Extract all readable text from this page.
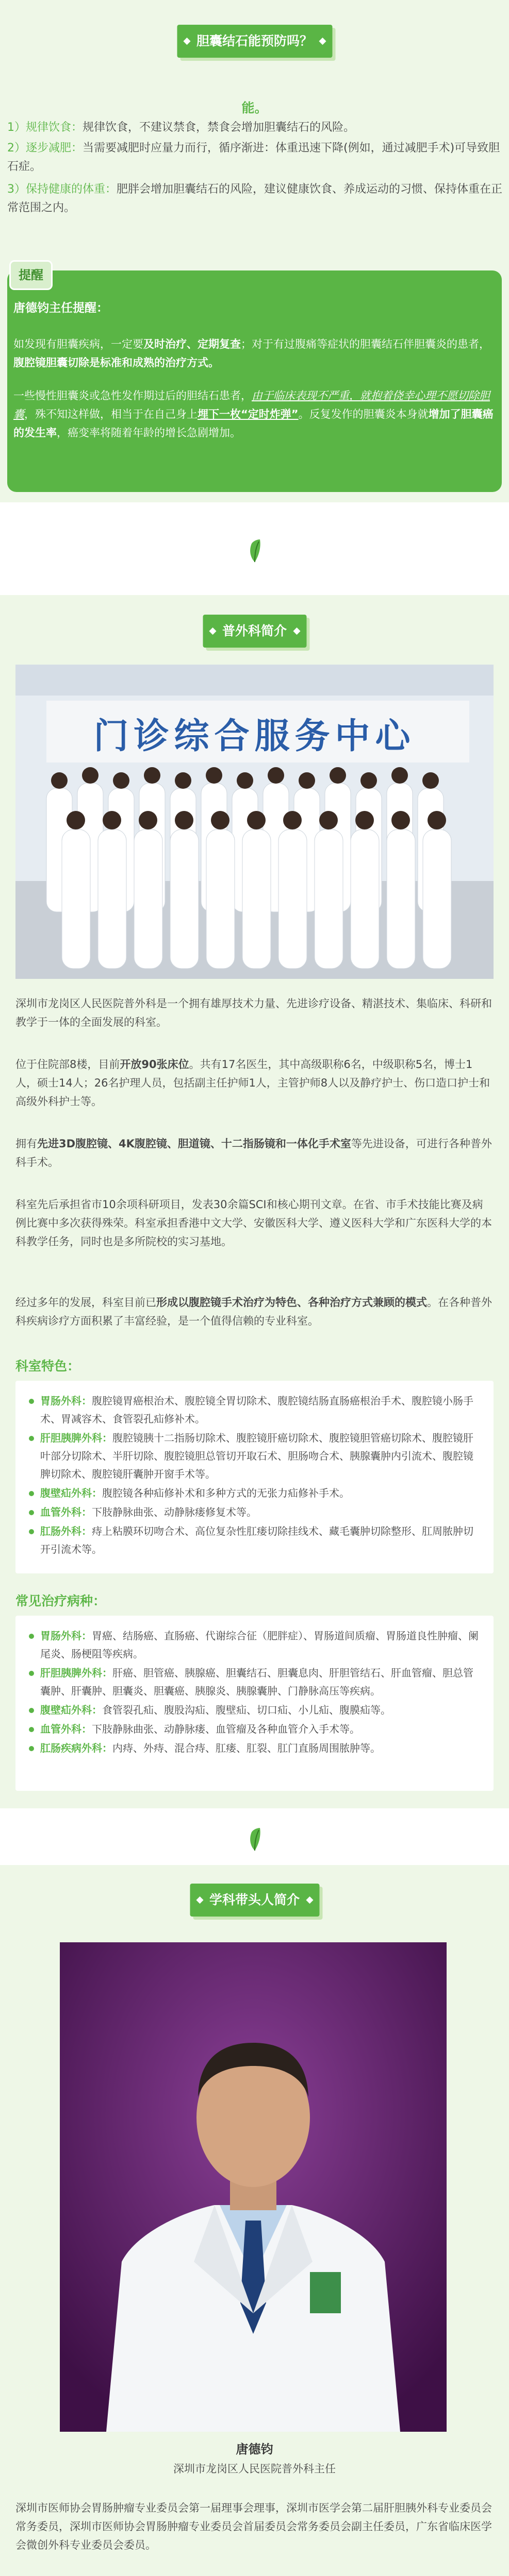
胆囊结石能预防吗？
能。
1）规律饮食：规律饮食，不建议禁食，禁食会增加胆囊结石的风险。
2）逐步减肥：当需要减肥时应量力而行，循序渐进：体重迅速下降(例如，通过减肥手术)可导致胆石症。
3）保持健康的体重：肥胖会增加胆囊结石的风险，建议健康饮食、养成运动的习惯、保持体重在正常范围之内。
提醒
唐德钧主任提醒：
如发现有胆囊疾病，一定要及时治疗、定期复查；对于有过腹痛等症状的胆囊结石伴胆囊炎的患者，腹腔镜胆囊切除是标准和成熟的治疗方式。
一些慢性胆囊炎或急性发作期过后的胆结石患者，由于临床表现不严重，就抱着侥幸心理不愿切除胆囊，殊不知这样做，相当于在自己身上埋下一枚“定时炸弹”。反复发作的胆囊炎本身就增加了胆囊癌的发生率，癌变率将随着年龄的增长急剧增加。
普外科简介
门诊综合服务中心
深圳市龙岗区人民医院普外科是一个拥有雄厚技术力量、先进诊疗设备、精湛技术、集临床、科研和教学于一体的全面发展的科室。
位于住院部8楼，目前开放90张床位。共有17名医生，其中高级职称6名，中级职称5名，博士1人，硕士14人；26名护理人员，包括副主任护师1人，主管护师8人以及静疗护士、伤口造口护士和高级外科护士等。
拥有先进3D腹腔镜、4K腹腔镜、胆道镜、十二指肠镜和一体化手术室等先进设备，可进行各种普外科手术。
科室先后承担省市10余项科研项目，发表30余篇SCI和核心期刊文章。在省、市手术技能比赛及病例比赛中多次获得殊荣。科室承担香港中文大学、安徽医科大学、遵义医科大学和广东医科大学的本科教学任务，同时也是多所院校的实习基地。
经过多年的发展，科室目前已形成以腹腔镜手术治疗为特色、各种治疗方式兼顾的模式。在各种普外科疾病诊疗方面积累了丰富经验，是一个值得信赖的专业科室。
科室特色：
胃肠外科：腹腔镜胃癌根治术、腹腔镜全胃切除术、腹腔镜结肠直肠癌根治手术、腹腔镜小肠手术、胃减容术、食管裂孔疝修补术。
肝胆胰脾外科：腹腔镜胰十二指肠切除术、腹腔镜肝癌切除术、腹腔镜胆管癌切除术、腹腔镜肝叶部分切除术、半肝切除、腹腔镜胆总管切开取石术、胆肠吻合术、胰腺囊肿内引流术、腹腔镜脾切除术、腹腔镜肝囊肿开窗手术等。
腹壁疝外科：腹腔镜各种疝修补术和多种方式的无张力疝修补手术。
血管外科：下肢静脉曲张、动静脉瘘修复术等。
肛肠外科：痔上粘膜环切吻合术、高位复杂性肛瘘切除挂线术、藏毛囊肿切除整形、肛周脓肿切开引流术等。
常见治疗病种：
胃肠外科：胃癌、结肠癌、直肠癌、代谢综合征（肥胖症）、胃肠道间质瘤、胃肠道良性肿瘤、阑尾炎、肠梗阻等疾病。
肝胆胰脾外科：肝癌、胆管癌、胰腺癌、胆囊结石、胆囊息肉、肝胆管结石、肝血管瘤、胆总管囊肿、肝囊肿、胆囊炎、胆囊癌、胰腺炎、胰腺囊肿、门静脉高压等疾病。
腹壁疝外科：食管裂孔疝、腹股沟疝、腹壁疝、切口疝、小儿疝、腹膜疝等。
血管外科：下肢静脉曲张、动静脉瘘、血管瘤及各种血管介入手术等。
肛肠疾病外科：内痔、外痔、混合痔、肛瘘、肛裂、肛门直肠周围脓肿等。
学科带头人简介
唐德钧
深圳市龙岗区人民医院普外科主任
深圳市医师协会胃肠肿瘤专业委员会第一届理事会理事，深圳市医学会第二届肝胆胰外科专业委员会常务委员，深圳市医师协会胃肠肿瘤专业委员会首届委员会常务委员会副主任委员，广东省临床医学会微创外科专业委员会委员。
